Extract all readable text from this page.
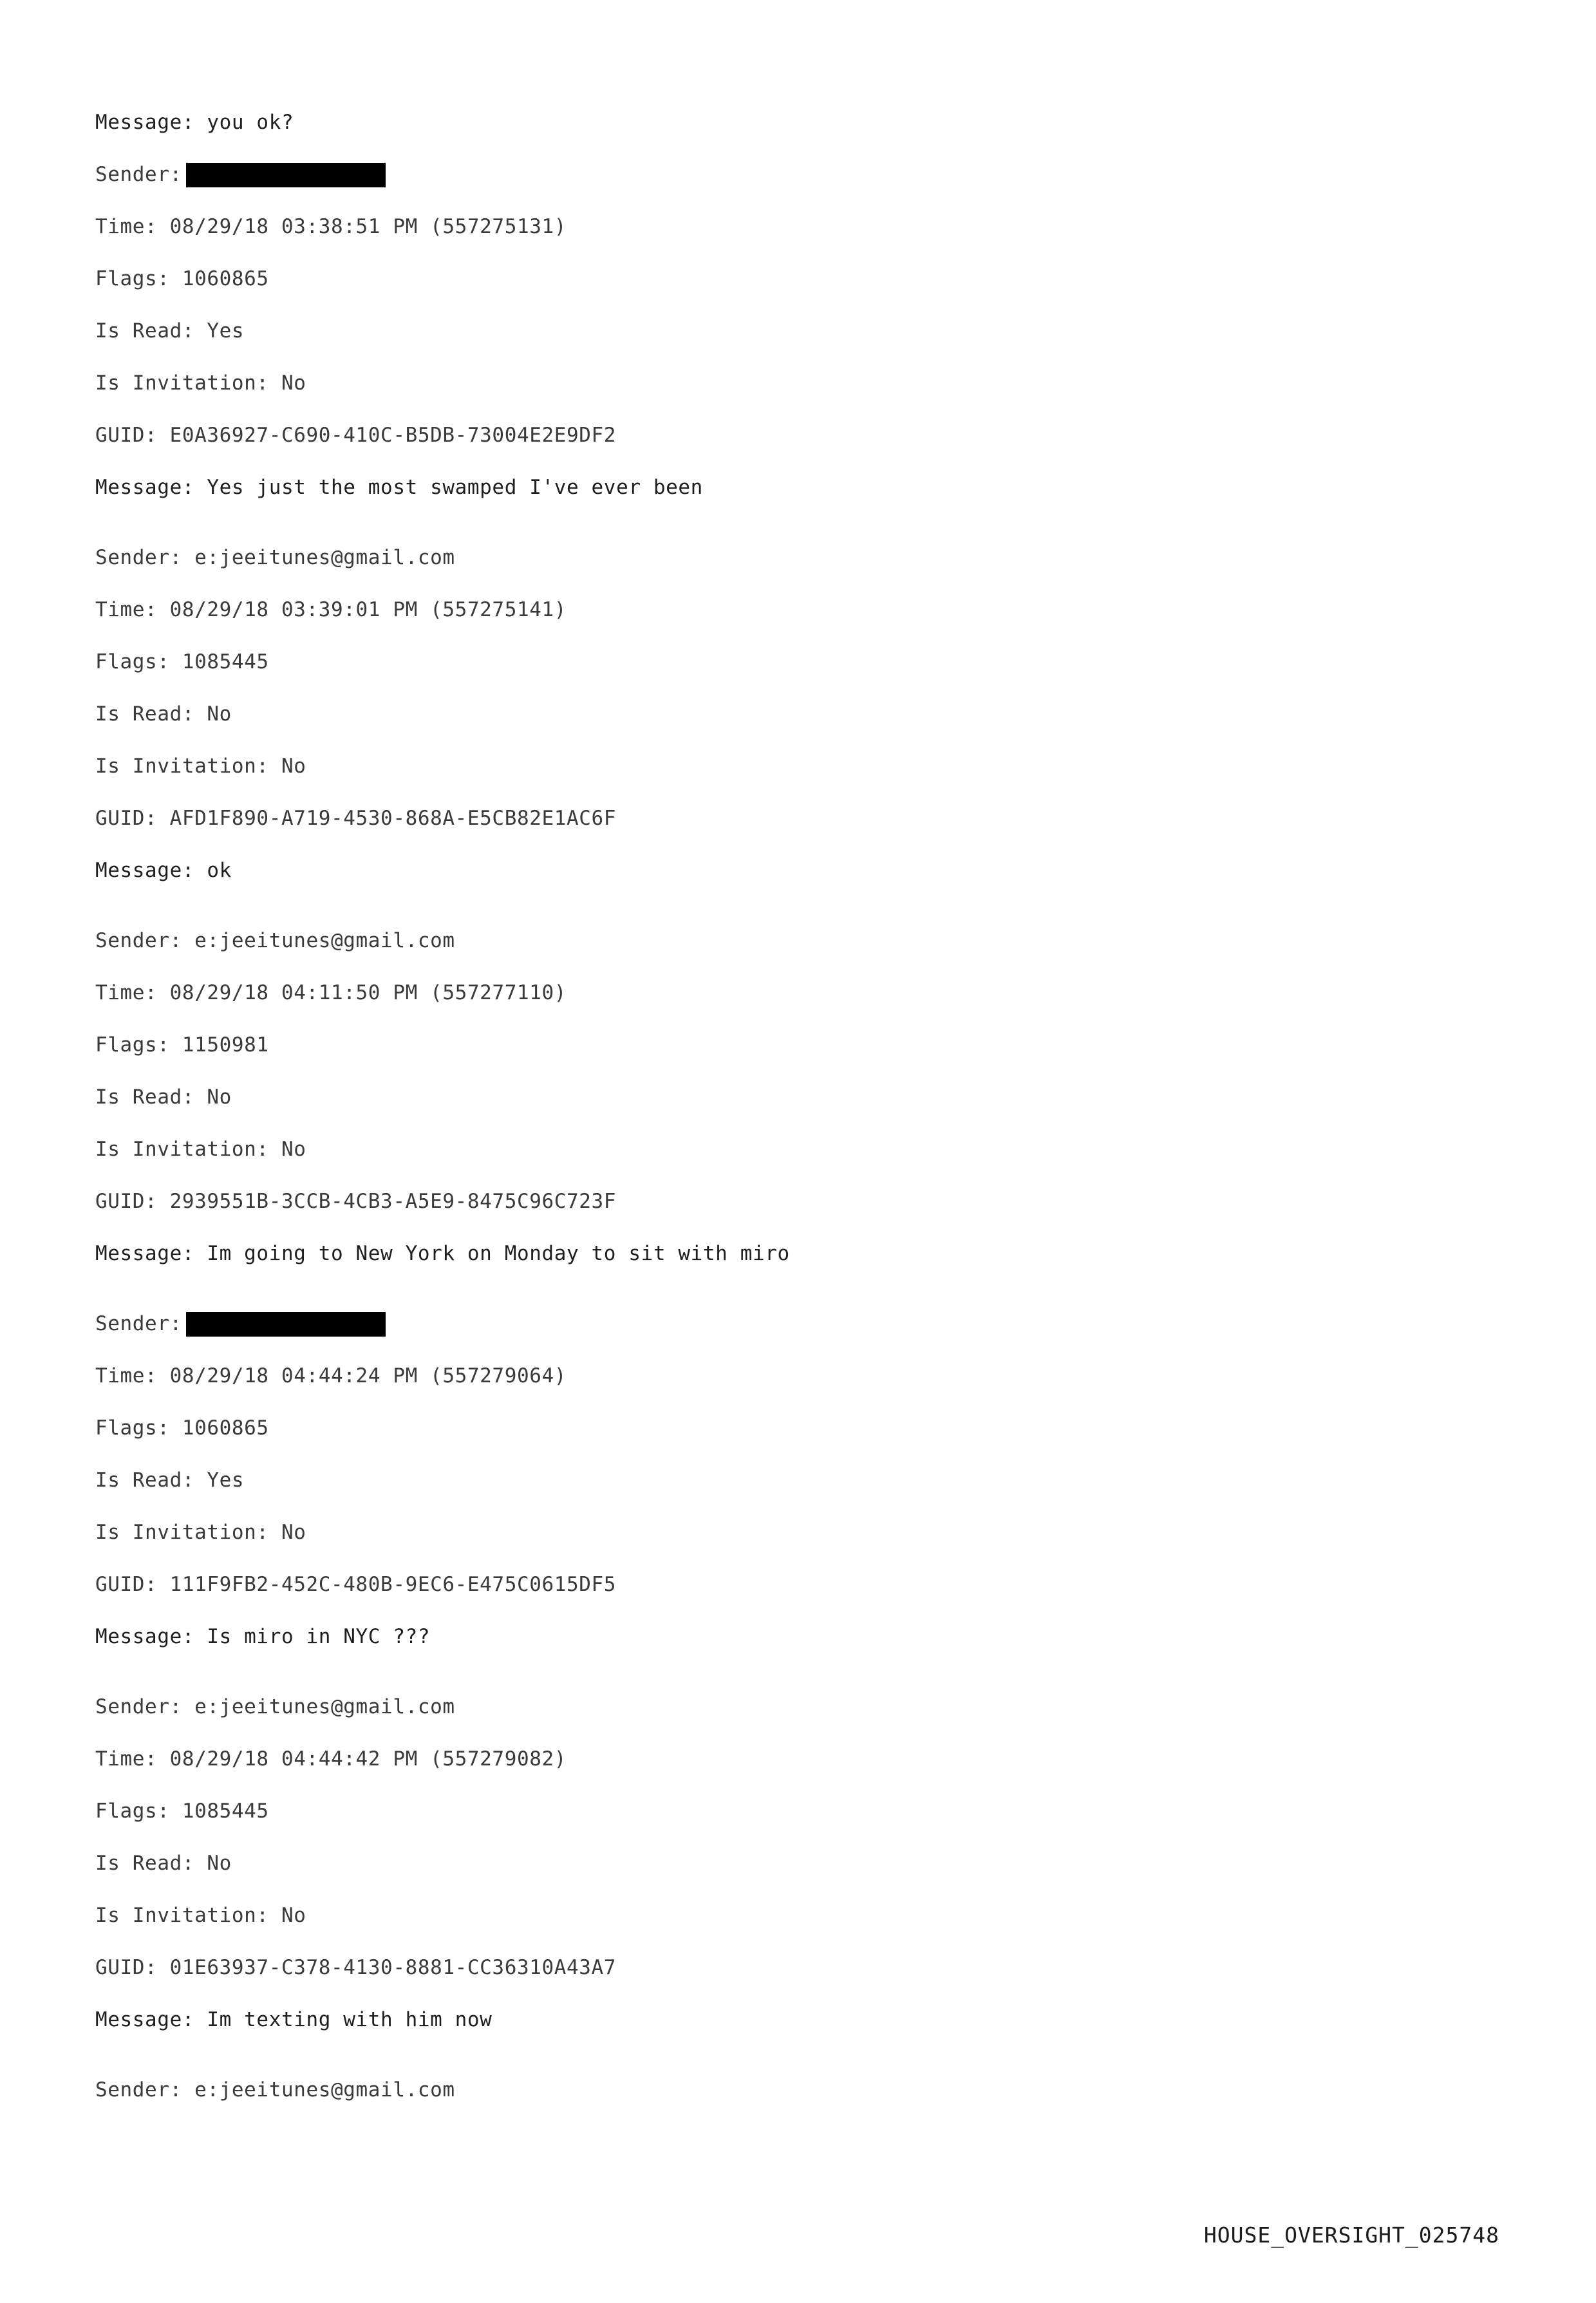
Message: you ok?
Sender:
Time: 08/29/18 03:38:51 PM (557275131)
Flags: 1060865
Is Read: Yes
Is Invitation: No
GUID: E0A36927-C690-410C-B5DB-73004E2E9DF2
Message: Yes just the most swamped I've ever been
Sender: e:jeeitunes@gmail.com
Time: 08/29/18 03:39:01 PM (557275141)
Flags: 1085445
Is Read: No
Is Invitation: No
GUID: AFD1F890-A719-4530-868A-E5CB82E1AC6F
Message: ok
Sender: e:jeeitunes@gmail.com
Time: 08/29/18 04:11:50 PM (557277110)
Flags: 1150981
Is Read: No
Is Invitation: No
GUID: 2939551B-3CCB-4CB3-A5E9-8475C96C723F
Message: Im going to New York on Monday to sit with miro
Sender:
Time: 08/29/18 04:44:24 PM (557279064)
Flags: 1060865
Is Read: Yes
Is Invitation: No
GUID: 111F9FB2-452C-480B-9EC6-E475C0615DF5
Message: Is miro in NYC ???
Sender: e:jeeitunes@gmail.com
Time: 08/29/18 04:44:42 PM (557279082)
Flags: 1085445
Is Read: No
Is Invitation: No
GUID: 01E63937-C378-4130-8881-CC36310A43A7
Message: Im texting with him now
Sender: e:jeeitunes@gmail.com
HOUSE_OVERSIGHT_025748
